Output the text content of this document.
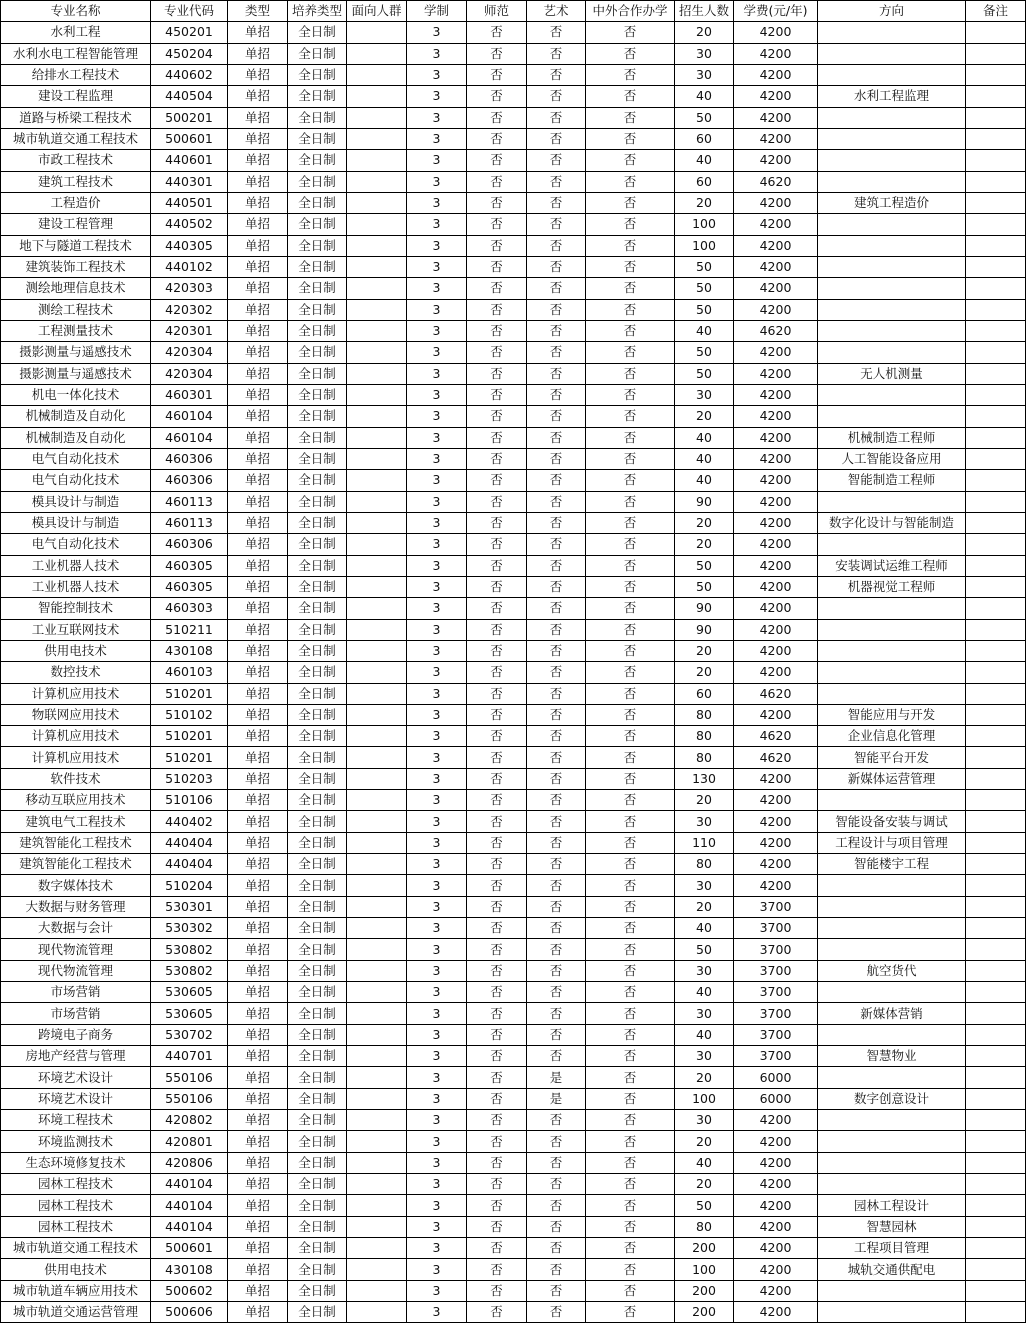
专业名称	专业代码	类型	培养类型	面向人群	学制	师范	艺术	中外合作办学	招生人数	学费(元/年)	方向	备注
水利工程	450201	单招	全日制		3	否	否	否	20	4200		
水利水电工程智能管理	450204	单招	全日制		3	否	否	否	30	4200		
给排水工程技术	440602	单招	全日制		3	否	否	否	30	4200		
建设工程监理	440504	单招	全日制		3	否	否	否	40	4200	水利工程监理	
道路与桥梁工程技术	500201	单招	全日制		3	否	否	否	50	4200		
城市轨道交通工程技术	500601	单招	全日制		3	否	否	否	60	4200		
市政工程技术	440601	单招	全日制		3	否	否	否	40	4200		
建筑工程技术	440301	单招	全日制		3	否	否	否	60	4620		
工程造价	440501	单招	全日制		3	否	否	否	20	4200	建筑工程造价	
建设工程管理	440502	单招	全日制		3	否	否	否	100	4200		
地下与隧道工程技术	440305	单招	全日制		3	否	否	否	100	4200		
建筑装饰工程技术	440102	单招	全日制		3	否	否	否	50	4200		
测绘地理信息技术	420303	单招	全日制		3	否	否	否	50	4200		
测绘工程技术	420302	单招	全日制		3	否	否	否	50	4200		
工程测量技术	420301	单招	全日制		3	否	否	否	40	4620		
摄影测量与遥感技术	420304	单招	全日制		3	否	否	否	50	4200		
摄影测量与遥感技术	420304	单招	全日制		3	否	否	否	50	4200	无人机测量	
机电一体化技术	460301	单招	全日制		3	否	否	否	30	4200		
机械制造及自动化	460104	单招	全日制		3	否	否	否	20	4200		
机械制造及自动化	460104	单招	全日制		3	否	否	否	40	4200	机械制造工程师	
电气自动化技术	460306	单招	全日制		3	否	否	否	40	4200	人工智能设备应用	
电气自动化技术	460306	单招	全日制		3	否	否	否	40	4200	智能制造工程师	
模具设计与制造	460113	单招	全日制		3	否	否	否	90	4200		
模具设计与制造	460113	单招	全日制		3	否	否	否	20	4200	数字化设计与智能制造	
电气自动化技术	460306	单招	全日制		3	否	否	否	20	4200		
工业机器人技术	460305	单招	全日制		3	否	否	否	50	4200	安装调试运维工程师	
工业机器人技术	460305	单招	全日制		3	否	否	否	50	4200	机器视觉工程师	
智能控制技术	460303	单招	全日制		3	否	否	否	90	4200		
工业互联网技术	510211	单招	全日制		3	否	否	否	90	4200		
供用电技术	430108	单招	全日制		3	否	否	否	20	4200		
数控技术	460103	单招	全日制		3	否	否	否	20	4200		
计算机应用技术	510201	单招	全日制		3	否	否	否	60	4620		
物联网应用技术	510102	单招	全日制		3	否	否	否	80	4200	智能应用与开发	
计算机应用技术	510201	单招	全日制		3	否	否	否	80	4620	企业信息化管理	
计算机应用技术	510201	单招	全日制		3	否	否	否	80	4620	智能平台开发	
软件技术	510203	单招	全日制		3	否	否	否	130	4200	新媒体运营管理	
移动互联应用技术	510106	单招	全日制		3	否	否	否	20	4200		
建筑电气工程技术	440402	单招	全日制		3	否	否	否	30	4200	智能设备安装与调试	
建筑智能化工程技术	440404	单招	全日制		3	否	否	否	110	4200	工程设计与项目管理	
建筑智能化工程技术	440404	单招	全日制		3	否	否	否	80	4200	智能楼宇工程	
数字媒体技术	510204	单招	全日制		3	否	否	否	30	4200		
大数据与财务管理	530301	单招	全日制		3	否	否	否	20	3700		
大数据与会计	530302	单招	全日制		3	否	否	否	40	3700		
现代物流管理	530802	单招	全日制		3	否	否	否	50	3700		
现代物流管理	530802	单招	全日制		3	否	否	否	30	3700	航空货代	
市场营销	530605	单招	全日制		3	否	否	否	40	3700		
市场营销	530605	单招	全日制		3	否	否	否	30	3700	新媒体营销	
跨境电子商务	530702	单招	全日制		3	否	否	否	40	3700		
房地产经营与管理	440701	单招	全日制		3	否	否	否	30	3700	智慧物业	
环境艺术设计	550106	单招	全日制		3	否	是	否	20	6000		
环境艺术设计	550106	单招	全日制		3	否	是	否	100	6000	数字创意设计	
环境工程技术	420802	单招	全日制		3	否	否	否	30	4200		
环境监测技术	420801	单招	全日制		3	否	否	否	20	4200		
生态环境修复技术	420806	单招	全日制		3	否	否	否	40	4200		
园林工程技术	440104	单招	全日制		3	否	否	否	20	4200		
园林工程技术	440104	单招	全日制		3	否	否	否	50	4200	园林工程设计	
园林工程技术	440104	单招	全日制		3	否	否	否	80	4200	智慧园林	
城市轨道交通工程技术	500601	单招	全日制		3	否	否	否	200	4200	工程项目管理	
供用电技术	430108	单招	全日制		3	否	否	否	100	4200	城轨交通供配电	
城市轨道车辆应用技术	500602	单招	全日制		3	否	否	否	200	4200		
城市轨道交通运营管理	500606	单招	全日制		3	否	否	否	200	4200		
